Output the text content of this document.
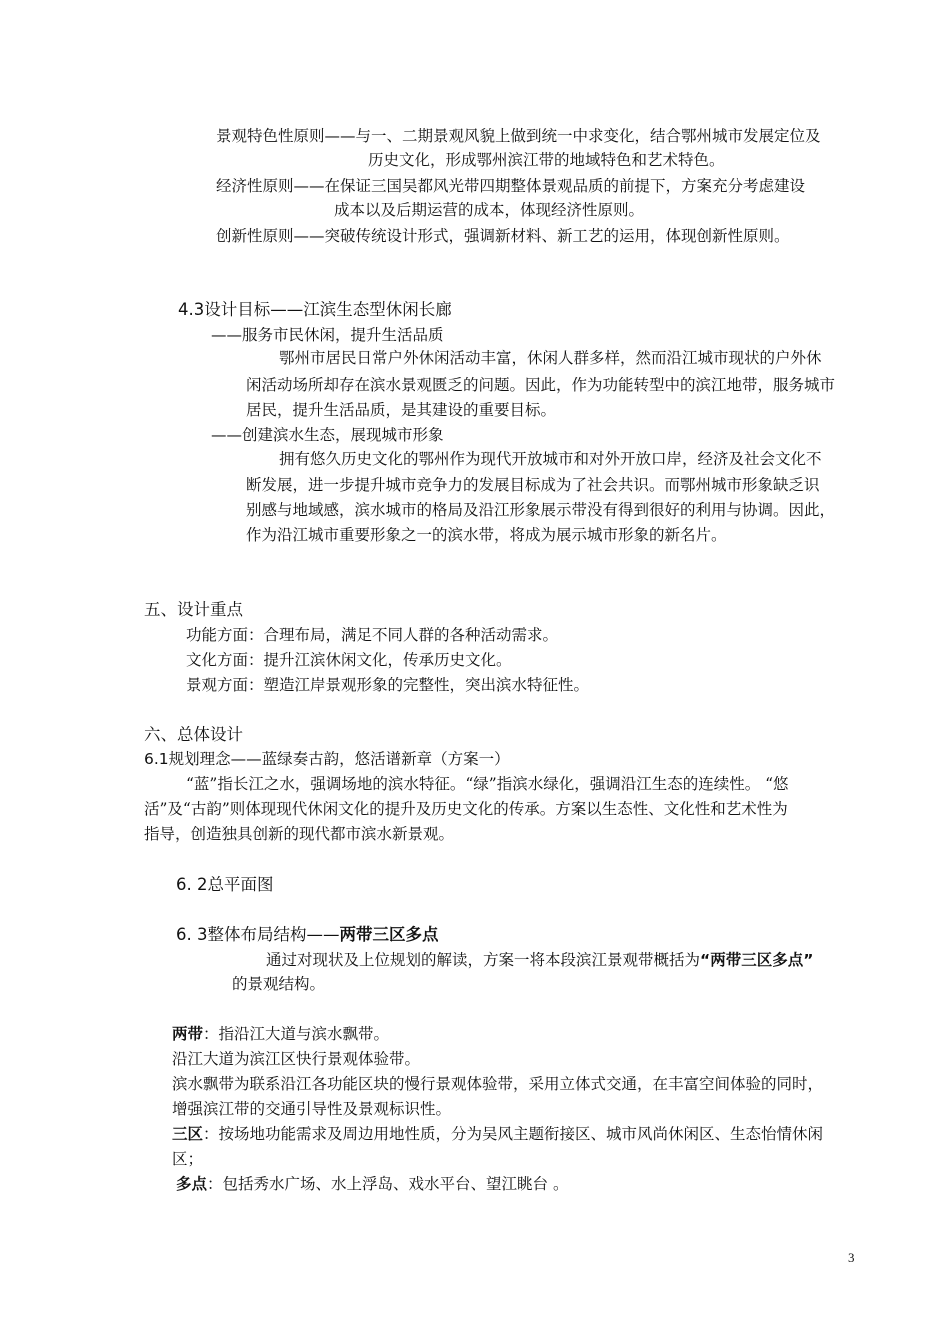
景观特色性原则——与一、二期景观风貌上做到统一中求变化，结合鄂州城市发展定位及
历史文化，形成鄂州滨江带的地域特色和艺术特色。
经济性原则——在保证三国吴都风光带四期整体景观品质的前提下，方案充分考虑建设
成本以及后期运营的成本，体现经济性原则。
创新性原则——突破传统设计形式，强调新材料、新工艺的运用，体现创新性原则。
4.3设计目标——江滨生态型休闲长廊
——服务市民休闲，提升生活品质
鄂州市居民日常户外休闲活动丰富，休闲人群多样，然而沿江城市现状的户外休
闲活动场所却存在滨水景观匮乏的问题。因此，作为功能转型中的滨江地带，服务城市
居民，提升生活品质，是其建设的重要目标。
——创建滨水生态，展现城市形象
拥有悠久历史文化的鄂州作为现代开放城市和对外开放口岸，经济及社会文化不
断发展，进一步提升城市竞争力的发展目标成为了社会共识。而鄂州城市形象缺乏识
别感与地域感，滨水城市的格局及沿江形象展示带没有得到很好的利用与协调。因此，
作为沿江城市重要形象之一的滨水带，将成为展示城市形象的新名片。
五、设计重点
功能方面：合理布局，满足不同人群的各种活动需求。
文化方面：提升江滨休闲文化，传承历史文化。
景观方面：塑造江岸景观形象的完整性，突出滨水特征性。
六、总体设计
6.1规划理念——蓝绿奏古韵，悠活谱新章（方案一）
“蓝”指长江之水，强调场地的滨水特征。“绿”指滨水绿化，强调沿江生态的连续性。 “悠
活”及“古韵”则体现现代休闲文化的提升及历史文化的传承。方案以生态性、文化性和艺术性为
指导，创造独具创新的现代都市滨水新景观。
6. 2总平面图
6. 3整体布局结构——两带三区多点
通过对现状及上位规划的解读，方案一将本段滨江景观带概括为“两带三区多点”
的景观结构。
两带：指沿江大道与滨水飘带。
沿江大道为滨江区快行景观体验带。
滨水飘带为联系沿江各功能区块的慢行景观体验带，采用立体式交通，在丰富空间体验的同时，
增强滨江带的交通引导性及景观标识性。
三区：按场地功能需求及周边用地性质，分为吴风主题衔接区、城市风尚休闲区、生态怡情休闲
区；
多点：包括秀水广场、水上浮岛、戏水平台、望江眺台 。
3
